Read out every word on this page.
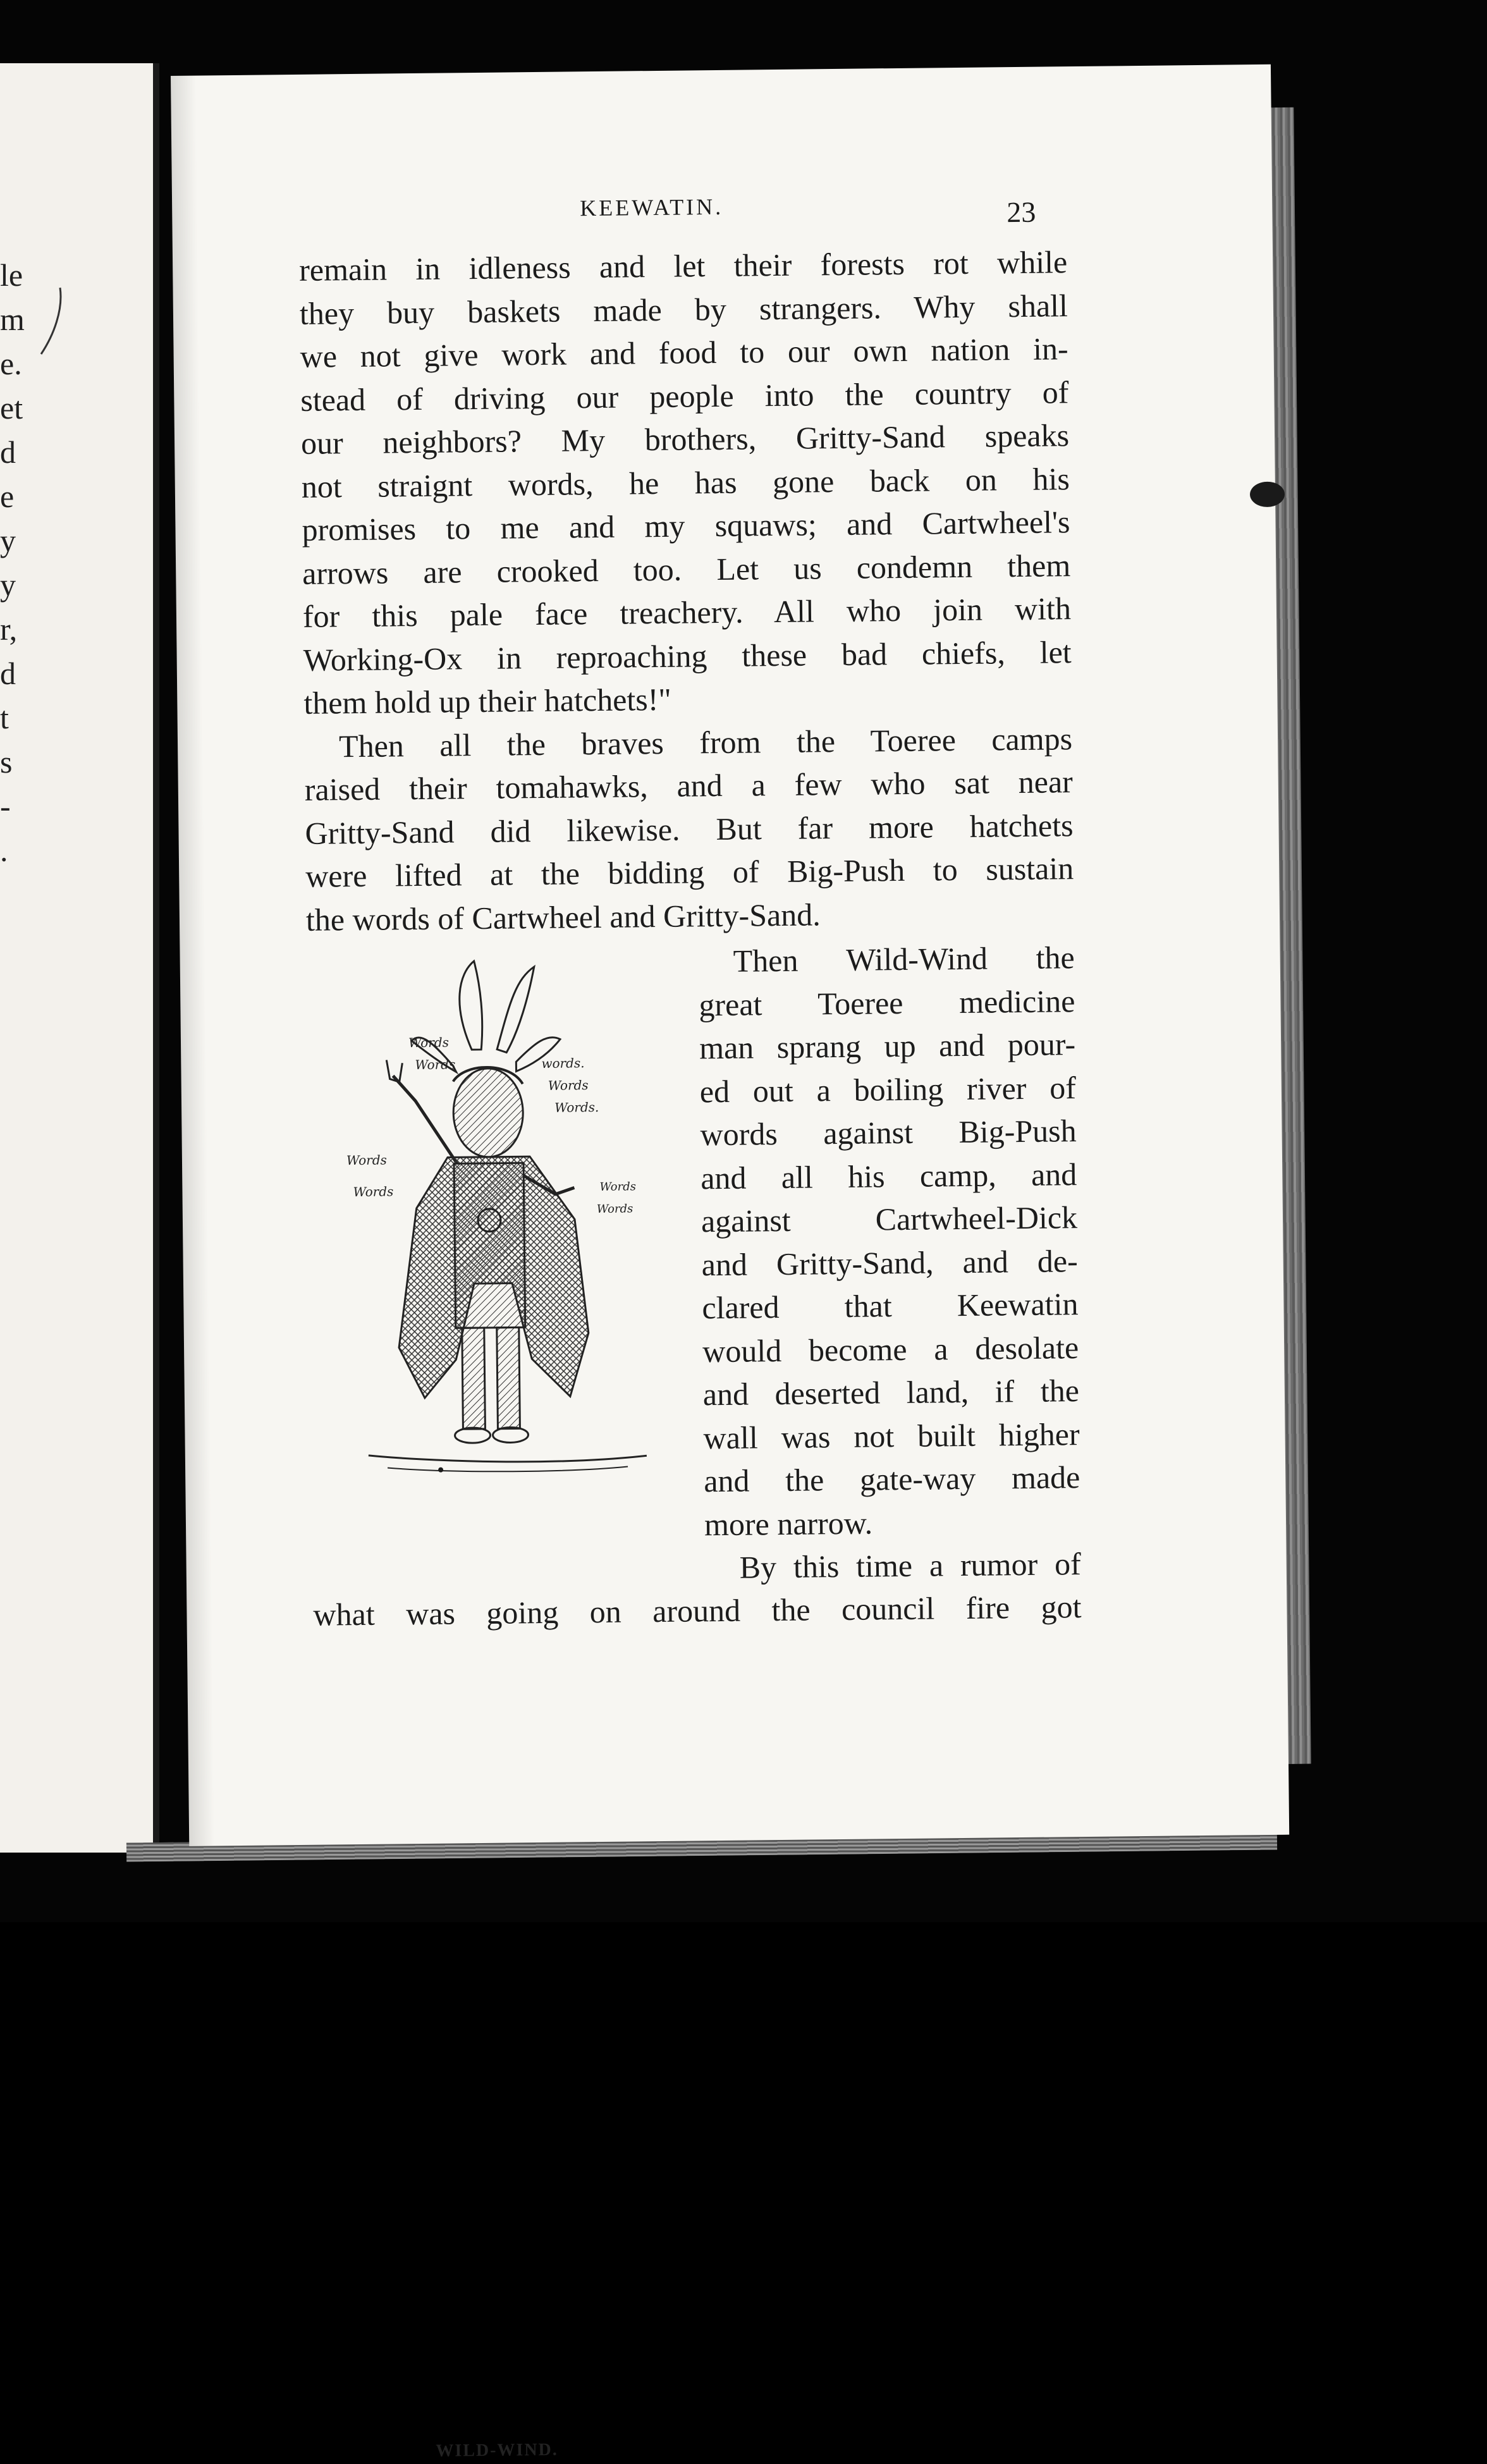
le
m
e.
et
d
e
y
y
r,
d
t
s
-
.
KEEWATIN.	23
remain in idleness and let their forests rot while
they buy baskets made by strangers. Why shall
we not give work and food to our own nation in-
stead of driving our people into the country of
our neighbors? My brothers, Gritty-Sand speaks
not straignt words, he has gone back on his
promises to me and my squaws; and Cartwheel's
arrows are crooked too. Let us condemn them
for this pale face treachery. All who join with
Working-Ox in reproaching these bad chiefs, let
them hold up their hatchets!"
Then all the braves from the Toeree camps
raised their tomahawks, and a few who sat near
Gritty-Sand did likewise. But far more hatchets
were lifted at the bidding of Big-Push to sustain
the words of Cartwheel and Gritty-Sand.
Then Wild-Wind the
great Toeree medicine
man sprang up and pour-
ed out a boiling river of
words against Big-Push
and all his camp, and
against Cartwheel-Dick
and Gritty-Sand, and de-
clared that Keewatin
would become a desolate
and deserted land, if the
wall was not built higher
and the gate-way made
more narrow.
By this time a rumor of
what was going on around the council fire got
Words
Words	words.
Words
Words.
Words
Words	Words
Words
WILD-WIND.
